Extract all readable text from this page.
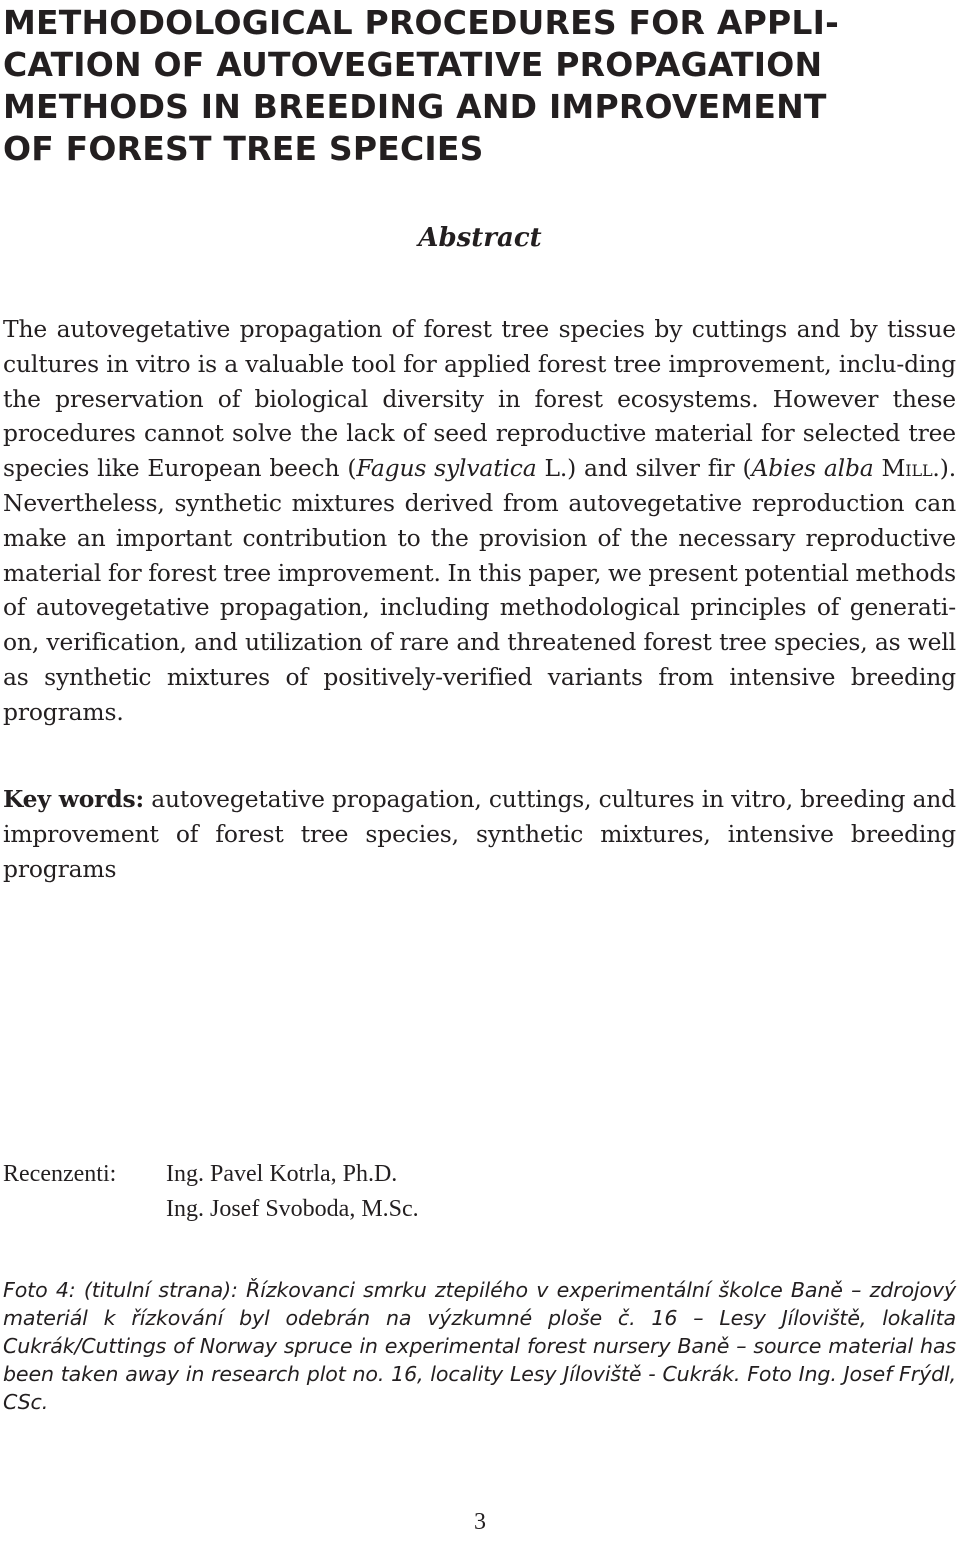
METHODOLOGICAL PROCEDURES FOR APPLI-
CATION OF AUTOVEGETATIVE PROPAGATION
METHODS IN BREEDING AND IMPROVEMENT
OF FOREST TREE SPECIES
Abstract

The autovegetative propagation of forest tree species by cuttings and by tissue cultures in vitro is a valuable tool for applied forest tree improvement, inclu-ding the preservation of biological diversity in forest ecosystems. However these procedures cannot solve the lack of seed reproductive material for selected tree species like European beech (Fagus sylvatica L.) and silver fir (Abies alba Mill.). Nevertheless, synthetic mixtures derived from autovegetative reproduction can make an important contribution to the provision of the necessary reproductive material for forest tree improvement. In this paper, we present potential methods of autovegetative propagation, including methodological principles of generati-on, verification, and utilization of rare and threatened forest tree species, as well as synthetic mixtures of positively-verified variants from intensive breeding programs.

Key words: autovegetative propagation, cuttings, cultures in vitro, breeding and improvement of forest tree species, synthetic mixtures, intensive breeding programs

Recenzenti:	Ing. Pavel Kotrla, Ph.D.
Ing. Josef Svoboda, M.Sc.

Foto 4: (titulní strana): Řízkovanci smrku ztepilého v experimentální školce Baně – zdrojový materiál k řízkování byl odebrán na výzkumné ploše č. 16 – Lesy Jíloviště, lokalita Cukrák/Cuttings of Norway spruce in experimental forest nursery Baně – source material has been taken away in research plot no. 16, locality Lesy Jíloviště - Cukrák. Foto Ing. Josef Frýdl, CSc.

3
